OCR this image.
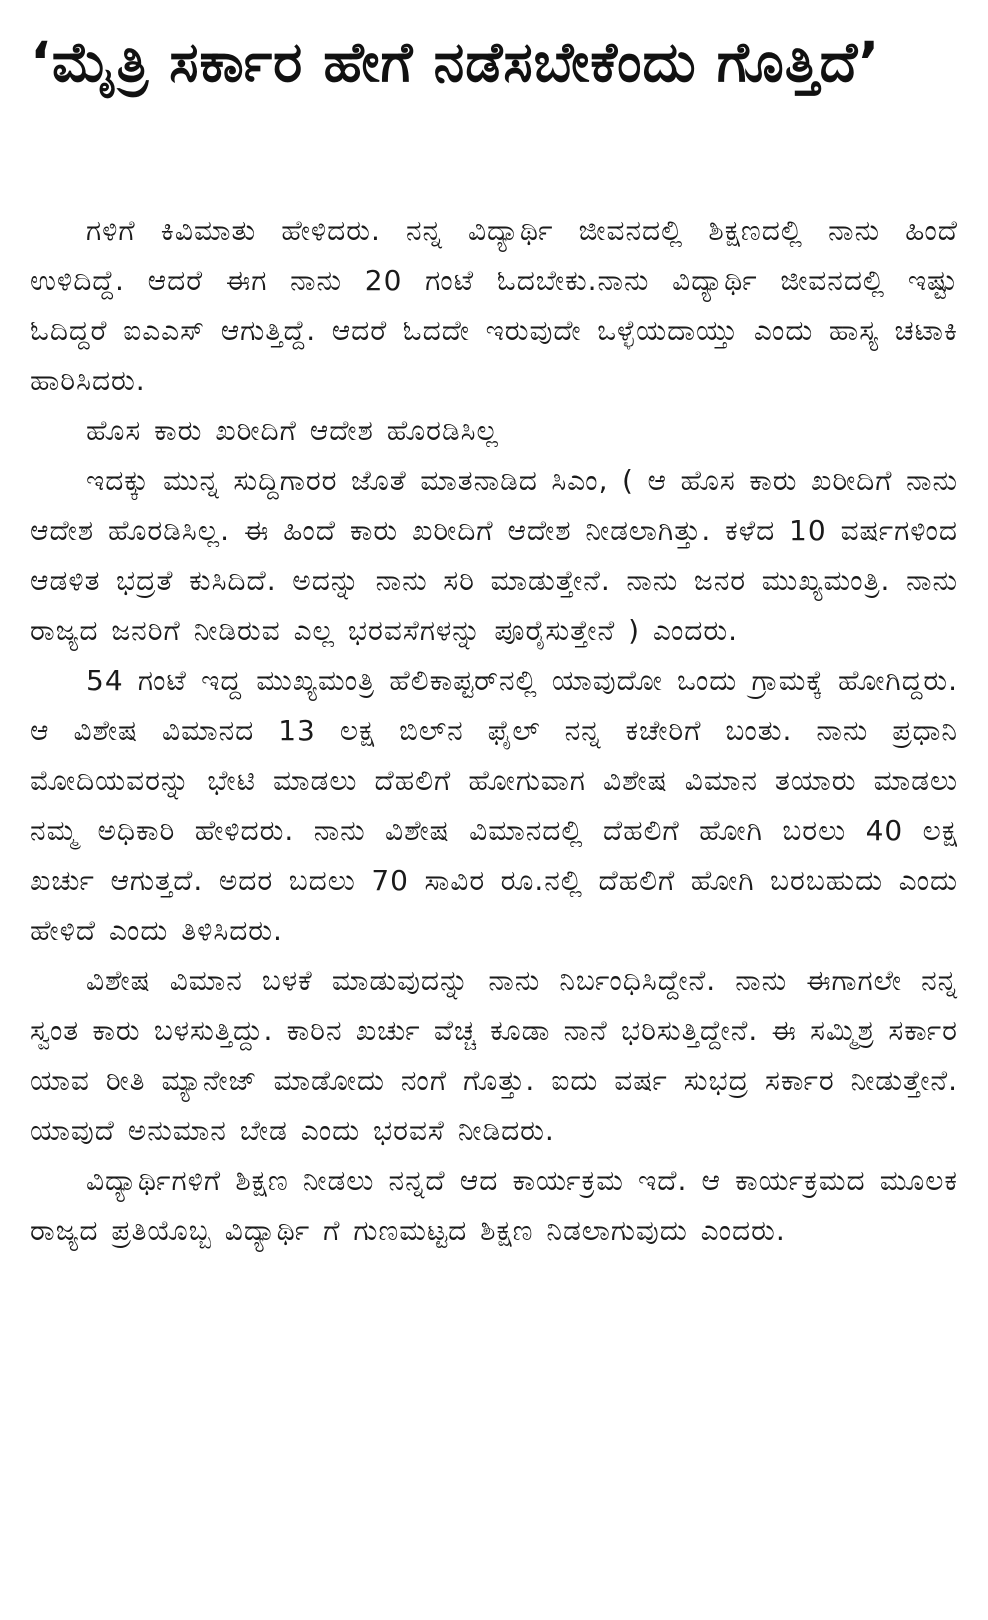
‘ಮೈತ್ರಿ ಸರ್ಕಾರ ಹೇಗೆ ನಡೆಸಬೇಕೆಂದು ಗೊತ್ತಿದೆ’

ಗಳಿಗೆ ಕಿವಿಮಾತು ಹೇಳಿದರು. ನನ್ನ ವಿದ್ಯಾರ್ಥಿ ಜೀವನದಲ್ಲಿ ಶಿಕ್ಷಣದಲ್ಲಿ ನಾನು ಹಿಂದೆ ಉಳಿದಿದ್ದೆ. ಆದರೆ ಈಗ ನಾನು 20 ಗಂಟೆ ಓದಬೇಕು.ನಾನು ವಿದ್ಯಾರ್ಥಿ ಜೀವನದಲ್ಲಿ ಇಷ್ಟು ಓದಿದ್ದರೆ ಐಎಎಸ್ ಆಗುತ್ತಿದ್ದೆ. ಆದರೆ ಓದದೇ ಇರುವುದೇ ಒಳ್ಳೆಯದಾಯ್ತು ಎಂದು ಹಾಸ್ಯ ಚಟಾಕಿ ಹಾರಿಸಿದರು.

ಹೊಸ ಕಾರು ಖರೀದಿಗೆ ಆದೇಶ ಹೊರಡಿಸಿಲ್ಲ

ಇದಕ್ಕು ಮುನ್ನ ಸುದ್ದಿಗಾರರ ಜೊತೆ ಮಾತನಾಡಿದ ಸಿಎಂ, ( ಆ ಹೊಸ ಕಾರು ಖರೀದಿಗೆ ನಾನು ಆದೇಶ ಹೊರಡಿಸಿಲ್ಲ. ಈ ಹಿಂದೆ ಕಾರು ಖರೀದಿಗೆ ಆದೇಶ ನೀಡಲಾಗಿತ್ತು. ಕಳೆದ 10 ವರ್ಷಗಳಿಂದ ಆಡಳಿತ ಭದ್ರತೆ ಕುಸಿದಿದೆ. ಅದನ್ನು ನಾನು ಸರಿ ಮಾಡುತ್ತೇನೆ. ನಾನು ಜನರ ಮುಖ್ಯಮಂತ್ರಿ. ನಾನು ರಾಜ್ಯದ ಜನರಿಗೆ ನೀಡಿರುವ ಎಲ್ಲ ಭರವಸೆಗಳನ್ನು ಪೂರೈಸುತ್ತೇನೆ ) ಎಂದರು.

54 ಗಂಟೆ ಇದ್ದ ಮುಖ್ಯಮಂತ್ರಿ ಹೆಲಿಕಾಪ್ಟರ್‌ನಲ್ಲಿ ಯಾವುದೋ ಒಂದು ಗ್ರಾಮಕ್ಕೆ ಹೋಗಿದ್ದರು. ಆ ವಿಶೇಷ ವಿಮಾನದ 13 ಲಕ್ಷ ಬಿಲ್‌ನ ಫೈಲ್ ನನ್ನ ಕಚೇರಿಗೆ ಬಂತು. ನಾನು ಪ್ರಧಾನಿ ಮೋದಿಯವರನ್ನು ಭೇಟಿ ಮಾಡಲು ದೆಹಲಿಗೆ ಹೋಗುವಾಗ ವಿಶೇಷ ವಿಮಾನ ತಯಾರು ಮಾಡಲು ನಮ್ಮ ಅಧಿಕಾರಿ ಹೇಳಿದರು. ನಾನು ವಿಶೇಷ ವಿಮಾನದಲ್ಲಿ ದೆಹಲಿಗೆ ಹೋಗಿ ಬರಲು 40 ಲಕ್ಷ ಖರ್ಚು ಆಗುತ್ತದೆ. ಅದರ ಬದಲು 70 ಸಾವಿರ ರೂ.ನಲ್ಲಿ ದೆಹಲಿಗೆ ಹೋಗಿ ಬರಬಹುದು ಎಂದು ಹೇಳಿದೆ ಎಂದು ತಿಳಿಸಿದರು.

ವಿಶೇಷ ವಿಮಾನ ಬಳಕೆ ಮಾಡುವುದನ್ನು ನಾನು ನಿರ್ಬಂಧಿಸಿದ್ದೇನೆ. ನಾನು ಈಗಾಗಲೇ ನನ್ನ ಸ್ವಂತ ಕಾರು ಬಳಸುತ್ತಿದ್ದು. ಕಾರಿನ ಖರ್ಚು ವೆಚ್ಚ ಕೂಡಾ ನಾನೆ ಭರಿಸುತ್ತಿದ್ದೇನೆ. ಈ ಸಮ್ಮಿಶ್ರ ಸರ್ಕಾರ ಯಾವ ರೀತಿ ಮ್ಯಾನೇಜ್ ಮಾಡೋದು ನಂಗೆ ಗೊತ್ತು. ಐದು ವರ್ಷ ಸುಭದ್ರ ಸರ್ಕಾರ ನೀಡುತ್ತೇನೆ. ಯಾವುದೆ ಅನುಮಾನ ಬೇಡ ಎಂದು ಭರವಸೆ ನೀಡಿದರು.

ವಿದ್ಯಾರ್ಥಿಗಳಿಗೆ ಶಿಕ್ಷಣ ನೀಡಲು ನನ್ನದೆ ಆದ ಕಾರ್ಯಕ್ರಮ ಇದೆ. ಆ ಕಾರ್ಯಕ್ರಮದ ಮೂಲಕ ರಾಜ್ಯದ ಪ್ರತಿಯೊಬ್ಬ ವಿದ್ಯಾರ್ಥಿ ಗೆ ಗುಣಮಟ್ಟದ ಶಿಕ್ಷಣ ನಿಡಲಾಗುವುದು ಎಂದರು.
